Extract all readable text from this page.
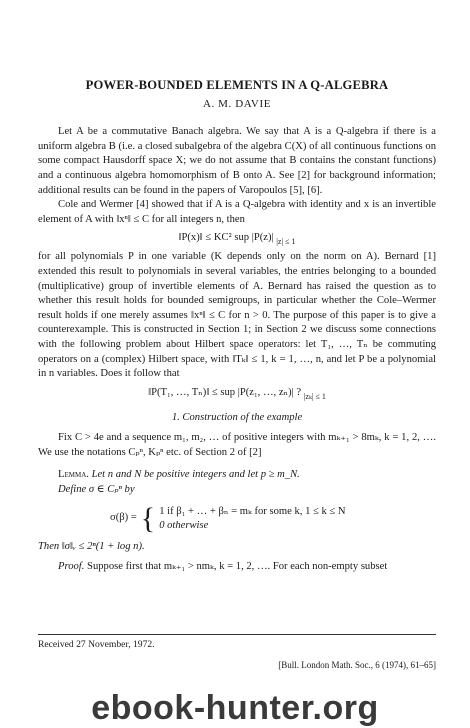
POWER-BOUNDED ELEMENTS IN A Q-ALGEBRA
A. M. DAVIE

Let A be a commutative Banach algebra. We say that A is a Q-algebra if there is a uniform algebra B (i.e. a closed subalgebra of the algebra C(X) of all continuous functions on some compact Hausdorff space X; we do not assume that B contains the constant functions) and a continuous algebra homomorphism of B onto A. See [2] for background information; additional results can be found in the papers of Varopoulos [5], [6].

Cole and Wermer [4] showed that if A is a Q-algebra with identity and x is an invertible element of A with ‖xⁿ‖ ≤ C for all integers n, then

‖P(x)‖ ≤ KC² sup |P(z)| |z| ≤ 1

for all polynomials P in one variable (K depends only on the norm on A). Bernard [1] extended this result to polynomials in several variables, the entries belonging to a bounded (multiplicative) group of invertible elements of A. Bernard has raised the question as to whether this result holds for bounded semigroups, in particular whether the Cole–Wermer result holds if one merely assumes ‖xⁿ‖ ≤ C for n > 0. The purpose of this paper is to give a counterexample. This is constructed in Section 1; in Section 2 we discuss some connections with the following problem about Hilbert space operators: let T₁, …, Tₙ be commuting operators on a (complex) Hilbert space, with ‖Tₖ‖ ≤ 1, k = 1, …, n, and let P be a polynomial in n variables. Does it follow that

‖P(T₁, …, Tₙ)‖ ≤ sup |P(z₁, …, zₙ)| ? |zₖ| ≤ 1
1. Construction of the example

Fix C > 4e and a sequence m₁, m₂, … of positive integers with mₖ₊₁ > 8mₖ, k = 1, 2, …. We use the notations Cₚⁿ, Kₚⁿ etc. of Section 2 of [2]

Lemma. Let n and N be positive integers and let p ≥ m_N.

Define σ ∈ Cₚⁿ by

σ(β) = { 1 if β₁ + … + βₙ = mₖ for some k, 1 ≤ k ≤ N
0 otherwise

Then ‖σ‖ᵥ ≤ 2ⁿ(1 + log n).

Proof. Suppose first that mₖ₊₁ > nmₖ, k = 1, 2, …. For each non-empty subset

Received 27 November, 1972.
[Bull. London Math. Soc., 6 (1974), 61–65]
ebook-hunter.org
